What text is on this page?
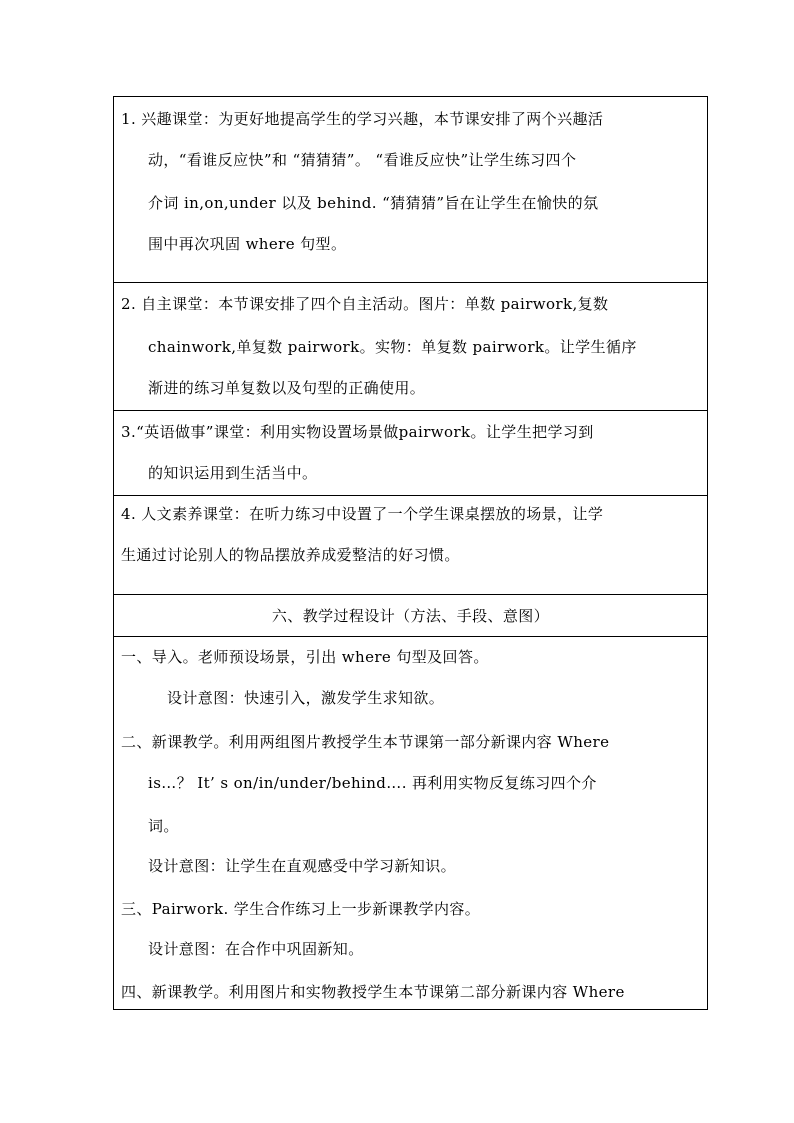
1. 兴趣课堂：为更好地提高学生的学习兴趣，本节课安排了两个兴趣活
动，“看谁反应快”和 “猜猜猜”。 “看谁反应快”让学生练习四个
介词 in,on,under 以及 behind. “猜猜猜”旨在让学生在愉快的氛
围中再次巩固 where 句型。
2. 自主课堂：本节课安排了四个自主活动。图片：单数 pairwork,复数
chainwork,单复数 pairwork。实物：单复数 pairwork。让学生循序
渐进的练习单复数以及句型的正确使用。
3.“英语做事”课堂：利用实物设置场景做pairwork。让学生把学习到
的知识运用到生活当中。
4. 人文素养课堂：在听力练习中设置了一个学生课桌摆放的场景，让学
生通过讨论别人的物品摆放养成爱整洁的好习惯。
六、教学过程设计（方法、手段、意图）
一、导入。老师预设场景，引出 where 句型及回答。
设计意图：快速引入，激发学生求知欲。
二、新课教学。利用两组图片教授学生本节课第一部分新课内容 Where
is…？ It’ s on/in/under/behind…. 再利用实物反复练习四个介
词。
设计意图：让学生在直观感受中学习新知识。
三、Pairwork. 学生合作练习上一步新课教学内容。
设计意图：在合作中巩固新知。
四、新课教学。利用图片和实物教授学生本节课第二部分新课内容 Where
